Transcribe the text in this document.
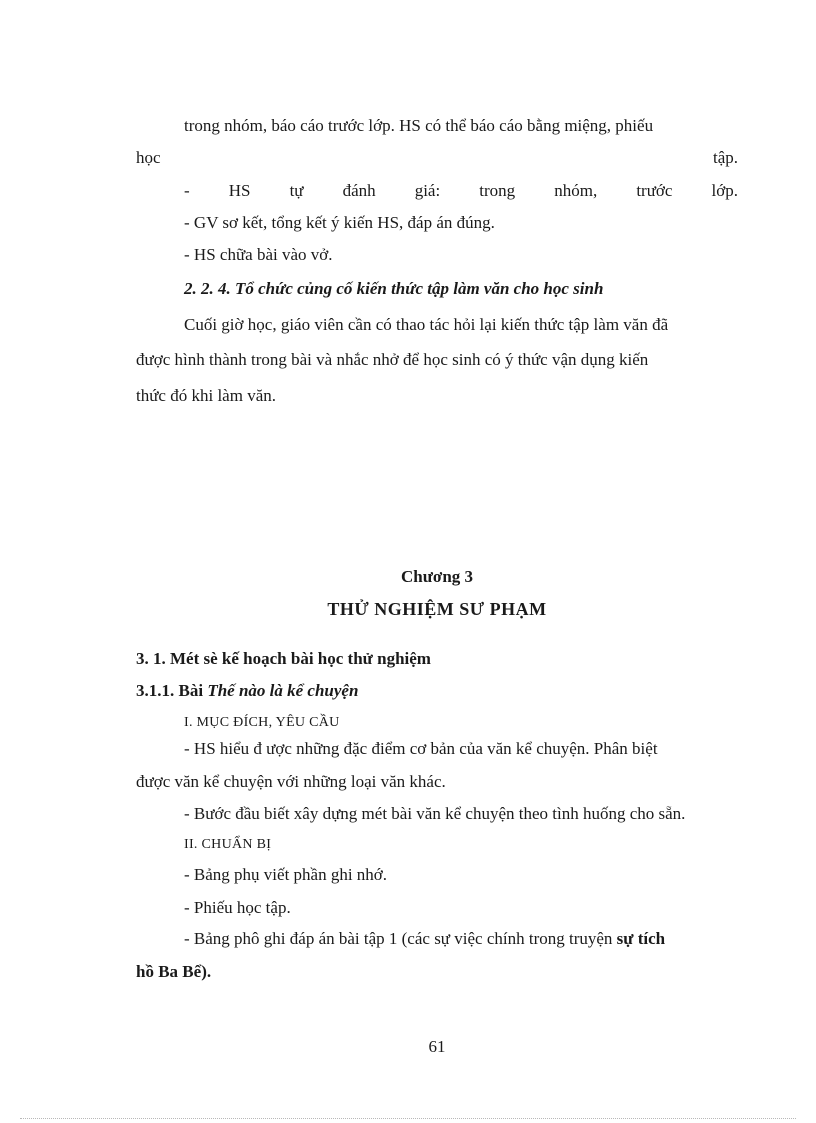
trong nhóm, báo cáo trước lớp. HS có thể báo cáo bằng miệng, phiếu
học	tập.
- HS tự đánh giá: trong nhóm, trước lớp.
- GV sơ kết, tổng kết ý kiến HS, đáp án đúng.
- HS chữa bài vào vở.
2. 2. 4. Tổ chức củng cố kiến thức tập làm văn cho học sinh
Cuối giờ học, giáo viên cần có thao tác hỏi lại kiến thức tập làm văn đã
được hình thành trong bài và nhắc nhở để học sinh có ý thức vận dụng kiến
thức đó khi làm văn.
Chương 3
THỬ NGHIỆM SƯ PHẠM
3. 1. Mét sè kế hoạch bài học thử nghiệm
3.1.1. Bài Thế nào là kể chuyện
I. MỤC ĐÍCH, YÊU CẦU
- HS hiểu đ ược những đặc điểm cơ bản của văn kể chuyện. Phân biệt
được văn kể chuyện với những loại văn khác.
- Bước đầu biết xây dựng mét bài văn kể chuyện theo tình huống cho sẵn.
II. CHUẨN BỊ
- Bảng phụ viết phần ghi nhớ.
- Phiếu học tập.
- Bảng phô ghi đáp án bài tập 1 (các sự việc chính trong truyện sự tích
hồ Ba Bể).
61
